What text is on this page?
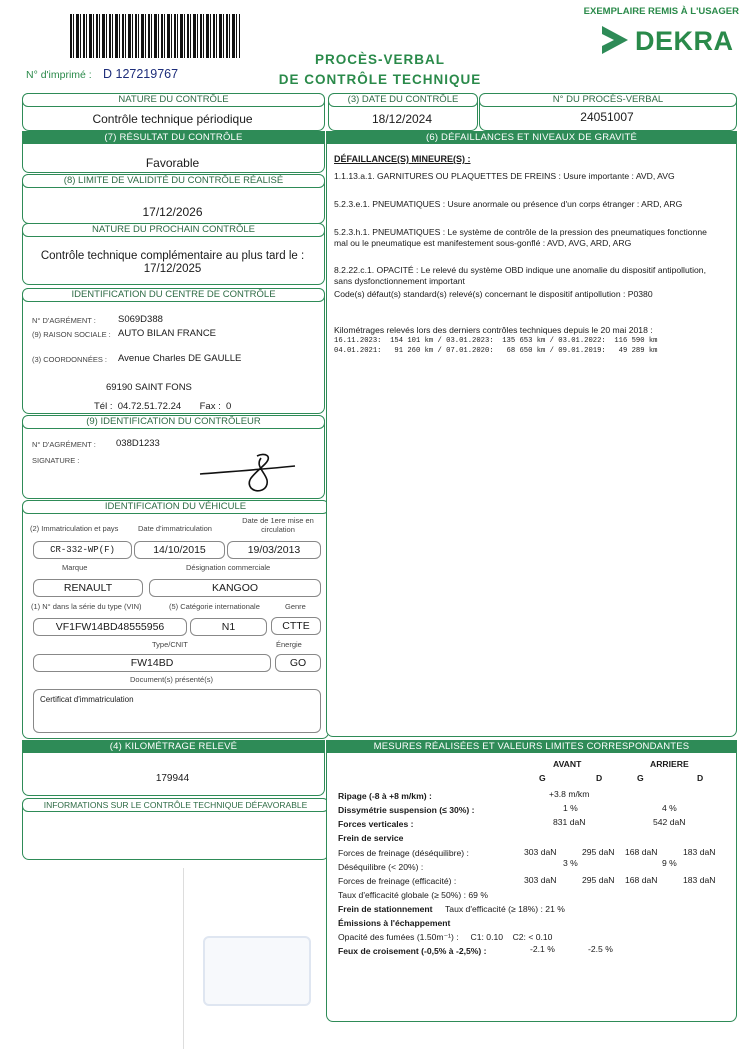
EXEMPLAIRE REMIS À L'USAGER
DEKRA
PROCÈS-VERBAL
DE CONTRÔLE TECHNIQUE
N° d'imprimé : D 127219767
NATURE DU CONTRÔLE
Contrôle technique périodique
(7) RÉSULTAT DU CONTRÔLE
Favorable
(8) LIMITE DE VALIDITÉ DU CONTRÔLE RÉALISÉ
17/12/2026
NATURE DU PROCHAIN CONTRÔLE
Contrôle technique complémentaire au plus tard le : 17/12/2025
IDENTIFICATION DU CENTRE DE CONTRÔLE
N° D'AGRÉMENT : S069D388
(9) RAISON SOCIALE : AUTO BILAN FRANCE
(3) COORDONNÉES : Avenue Charles DE GAULLE
69190 SAINT FONS
Tél :  04.72.51.72.24       Fax :  0
(9) IDENTIFICATION DU CONTRÔLEUR
N° D'AGRÉMENT : 038D1233
SIGNATURE :
IDENTIFICATION DU VÉHICULE
(2) Immatriculation et pays	Date d'immatriculation
Date de 1ere mise en circulation
CR-332-WP(F)	14/10/2015	19/03/2013
Marque	Désignation commerciale
RENAULT	KANGOO
(1) N° dans la série du type (VIN)	(5) Catégorie internationale	Genre
VF1FW14BD48555956	N1	CTTE
Type/CNIT	Énergie
FW14BD	GO
Document(s) présenté(s)
Certificat d'immatriculation
(4) KILOMÉTRAGE RELEVÉ
179944
INFORMATIONS SUR LE CONTRÔLE TECHNIQUE DÉFAVORABLE
(3) DATE DU CONTRÔLE
18/12/2024
N° DU PROCÈS-VERBAL
24051007
(6) DÉFAILLANCES ET NIVEAUX DE GRAVITÉ
DÉFAILLANCE(S) MINEURE(S) :
1.1.13.a.1. GARNITURES OU PLAQUETTES DE FREINS : Usure importante : AVD, AVG
5.2.3.e.1. PNEUMATIQUES : Usure anormale ou présence d'un corps étranger : ARD, ARG
5.2.3.h.1. PNEUMATIQUES : Le système de contrôle de la pression des pneumatiques fonctionne mal ou le pneumatique est manifestement sous-gonflé : AVD, AVG, ARD, ARG
8.2.22.c.1. OPACITÉ : Le relevé du système OBD indique une anomalie du dispositif antipollution, sans dysfonctionnement important
Code(s) défaut(s) standard(s) relevé(s) concernant le dispositif antipollution : P0380
Kilométrages relevés lors des derniers contrôles techniques depuis le 20 mai 2018 :
16.11.2023:  154 101 km / 03.01.2023:  135 653 km / 03.01.2022:  116 590 km
04.01.2021:   91 260 km / 07.01.2020:   68 650 km / 09.01.2019:   49 289 km
MESURES RÉALISÉES ET VALEURS LIMITES CORRESPONDANTES
AVANT	ARRIERE
G	D	G	D
Ripage (-8 à +8 m/km) :	+3.8 m/km
Dissymétrie suspension (≤ 30%) :	1 %	4 %
Forces verticales :	831 daN	542 daN
Frein de service
Forces de freinage (déséquilibre) :	303 daN	295 daN 168 daN	183 daN
Déséquilibre (< 20%) :	3 %	9 %
Forces de freinage (efficacité) :	303 daN	295 daN 168 daN	183 daN
Taux d'efficacité globale (≥ 50%) : 69 %
Frein de stationnement Taux d'efficacité (≥ 18%) : 21 %
Émissions à l'échappement
Opacité des fumées (1.50m⁻¹) :     C1: 0.10    C2: < 0.10
Feux de croisement (-0,5% à -2,5%) :	-2.1 %	-2.5 %
